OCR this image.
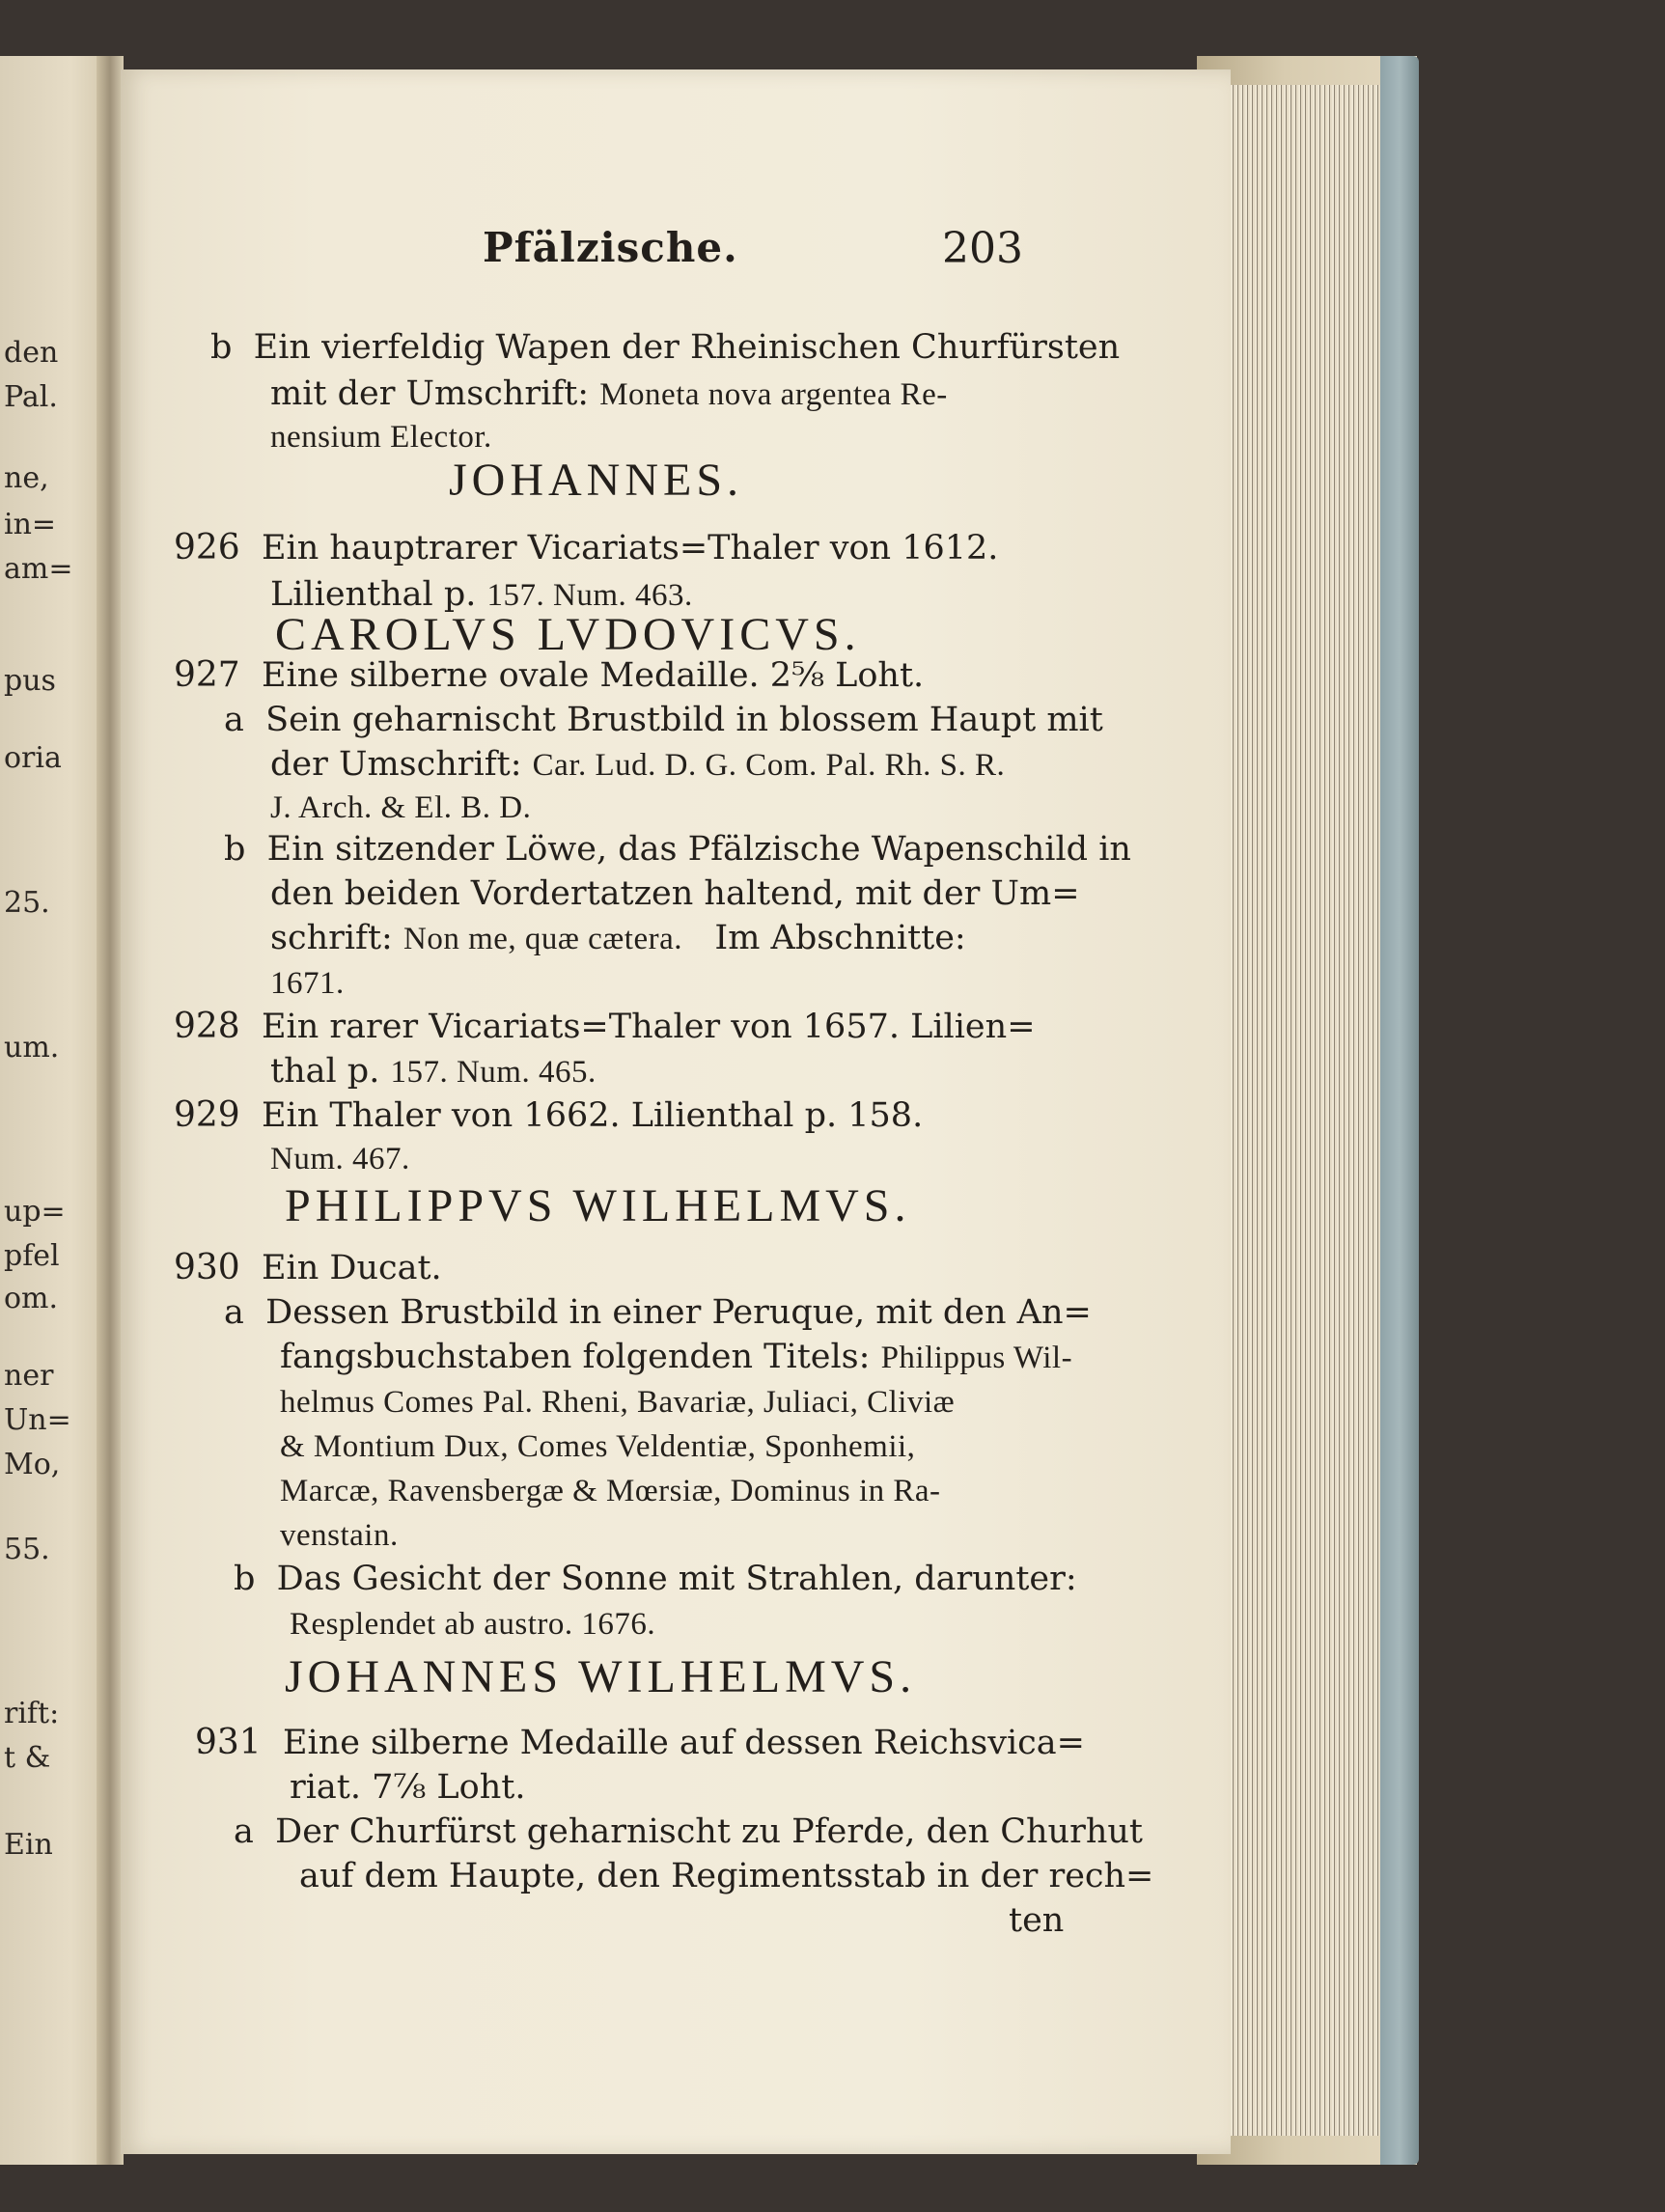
den
Pal.
ne,
in=
am=
pus
oria
25.
um.
up=
pfel
om.
ner
Un=
Mo,
55.
rift:
t &
Ein
Pfälzische.	203
b Ein vierfeldig Wapen der Rheinischen Churfürsten
mit der Umschrift: Moneta nova argentea Re-
nensium Elector.
JOHANNES.
926 Ein hauptrarer Vicariats=Thaler von 1612.
Lilienthal p. 157. Num. 463.
CAROLVS LVDOVICVS.
927 Eine silberne ovale Medaille. 2⅝ Loht.
a Sein geharnischt Brustbild in blossem Haupt mit
der Umschrift: Car. Lud. D. G. Com. Pal. Rh. S. R.
J. Arch. & El. B. D.
b Ein sitzender Löwe, das Pfälzische Wapenschild in
den beiden Vordertatzen haltend, mit der Um=
schrift: Non me, quæ cætera. Im Abschnitte:
1671.
928 Ein rarer Vicariats=Thaler von 1657. Lilien=
thal p. 157. Num. 465.
929 Ein Thaler von 1662. Lilienthal p. 158.
Num. 467.
PHILIPPVS WILHELMVS.
930 Ein Ducat.
a Dessen Brustbild in einer Peruque, mit den An=
fangsbuchstaben folgenden Titels: Philippus Wil-
helmus Comes Pal. Rheni, Bavariæ, Juliaci, Cliviæ
& Montium Dux, Comes Veldentiæ, Sponhemii,
Marcæ, Ravensbergæ & Mœrsiæ, Dominus in Ra-
venstain.
b Das Gesicht der Sonne mit Strahlen, darunter:
Resplendet ab austro. 1676.
JOHANNES WILHELMVS.
931 Eine silberne Medaille auf dessen Reichsvica=
riat. 7⅞ Loht.
a Der Churfürst geharnischt zu Pferde, den Churhut
auf dem Haupte, den Regimentsstab in der rech=
ten
